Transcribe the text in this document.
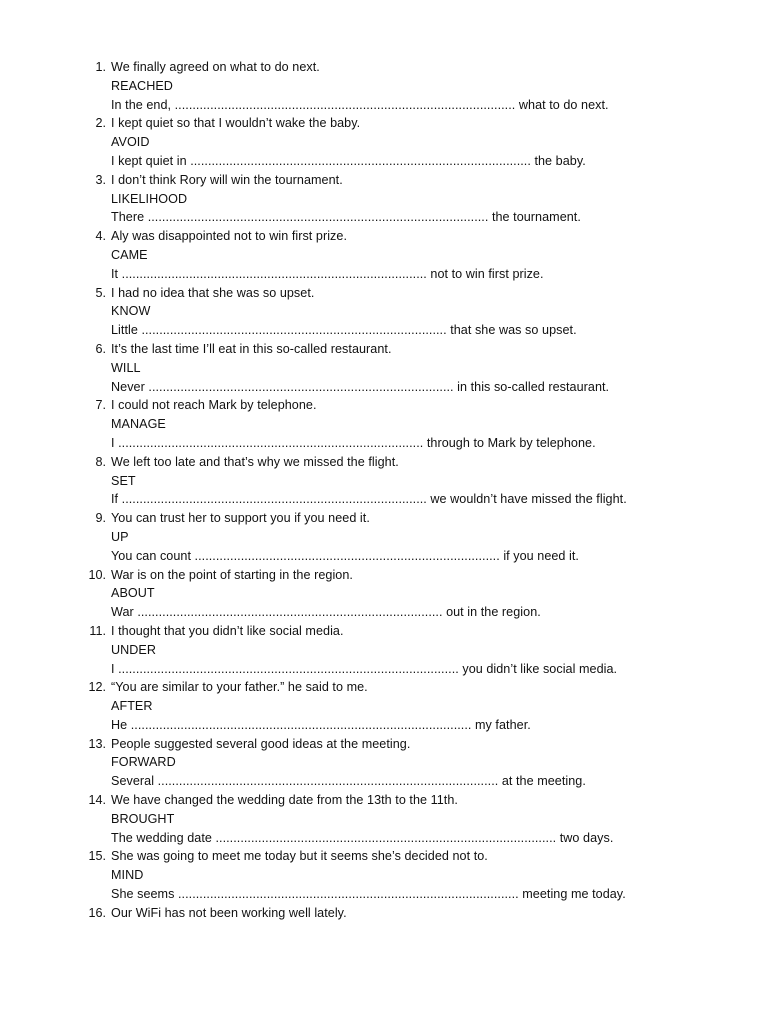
1. We finally agreed on what to do next.
REACHED
In the end, ................................................................................................ what to do next.
2. I kept quiet so that I wouldn’t wake the baby.
AVOID
I kept quiet in ................................................................................................ the baby.
3. I don’t think Rory will win the tournament.
LIKELIHOOD
There ................................................................................................ the tournament.
4. Aly was disappointed not to win first prize.
CAME
It ...................................................................................... not to win first prize.
5. I had no idea that she was so upset.
KNOW
Little ...................................................................................... that she was so upset.
6. It’s the last time I’ll eat in this so-called restaurant.
WILL
Never ...................................................................................... in this so-called restaurant.
7. I could not reach Mark by telephone.
MANAGE
I ...................................................................................... through to Mark by telephone.
8. We left too late and that’s why we missed the flight.
SET
If ...................................................................................... we wouldn’t have missed the flight.
9. You can trust her to support you if you need it.
UP
You can count ...................................................................................... if you need it.
10. War is on the point of starting in the region.
ABOUT
War ...................................................................................... out in the region.
11. I thought that you didn’t like social media.
UNDER
I ................................................................................................ you didn’t like social media.
12. “You are similar to your father.” he said to me.
AFTER
He ................................................................................................ my father.
13. People suggested several good ideas at the meeting.
FORWARD
Several ................................................................................................ at the meeting.
14. We have changed the wedding date from the 13th to the 11th.
BROUGHT
The wedding date ................................................................................................ two days.
15. She was going to meet me today but it seems she’s decided not to.
MIND
She seems ................................................................................................ meeting me today.
16. Our WiFi has not been working well lately.
